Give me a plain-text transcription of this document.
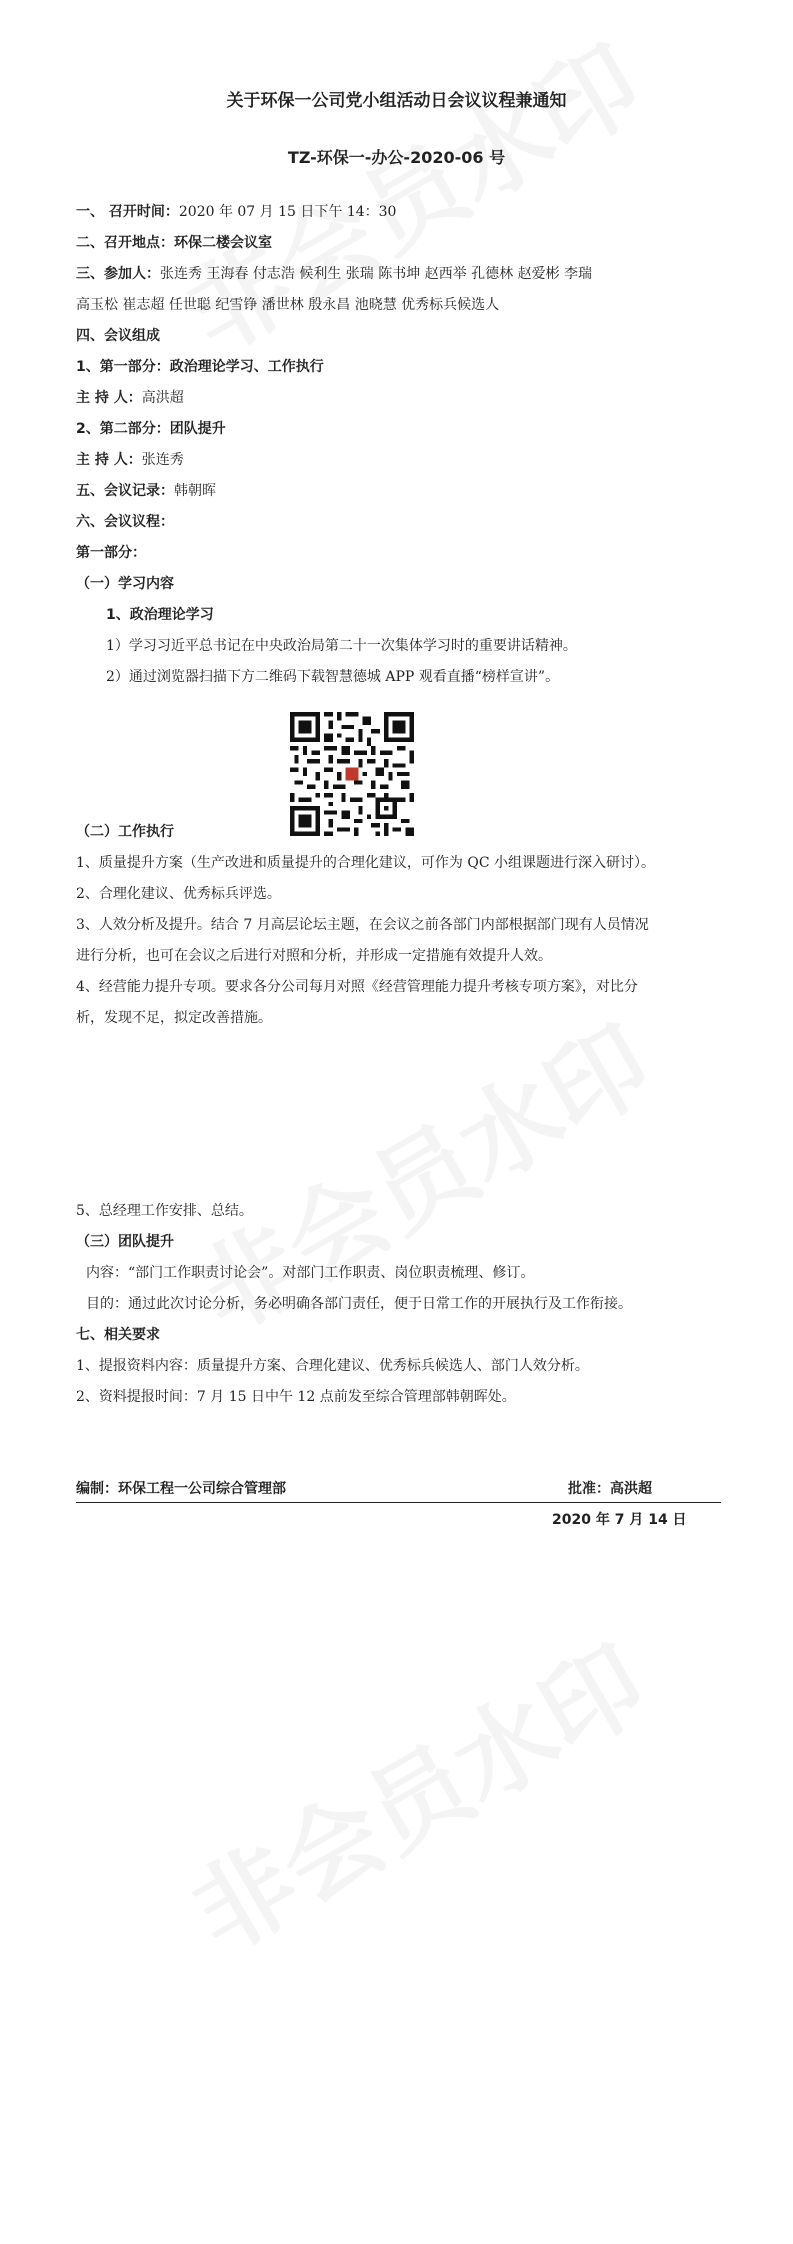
关于环保一公司党小组活动日会议议程兼通知
TZ-环保一-办公-2020-06 号
一、 召开时间：2020 年 07 月 15 日下午 14：30
二、召开地点：环保二楼会议室
三、参加人：张连秀 王海春 付志浩 候利生 张瑞 陈书坤 赵西举 孔德林 赵爱彬 李瑞
高玉松 崔志超 任世聪 纪雪铮 潘世林 殷永昌 池晓慧 优秀标兵候选人
四、会议组成
1、第一部分：政治理论学习、工作执行
主 持 人：高洪超
2、第二部分：团队提升
主 持 人：张连秀
五、会议记录：韩朝晖
六、会议议程：
第一部分：
（一）学习内容
1、政治理论学习
1）学习习近平总书记在中央政治局第二十一次集体学习时的重要讲话精神。
2）通过浏览器扫描下方二维码下载智慧德城 APP 观看直播“榜样宣讲”。
（二）工作执行
1、质量提升方案（生产改进和质量提升的合理化建议，可作为 QC 小组课题进行深入研讨）。
2、合理化建议、优秀标兵评选。
3、人效分析及提升。结合 7 月高层论坛主题，在会议之前各部门内部根据部门现有人员情况
进行分析，也可在会议之后进行对照和分析，并形成一定措施有效提升人效。
4、经营能力提升专项。要求各分公司每月对照《经营管理能力提升考核专项方案》，对比分
析，发现不足，拟定改善措施。
5、总经理工作安排、总结。
（三）团队提升
内容：“部门工作职责讨论会”。对部门工作职责、岗位职责梳理、修订。
目的：通过此次讨论分析，务必明确各部门责任，便于日常工作的开展执行及工作衔接。
七、相关要求
1、提报资料内容：质量提升方案、合理化建议、优秀标兵候选人、部门人效分析。
2、资料提报时间：7 月 15 日中午 12 点前发至综合管理部韩朝晖处。
编制：环保工程一公司综合管理部	批准：高洪超
2020 年 7 月 14 日
